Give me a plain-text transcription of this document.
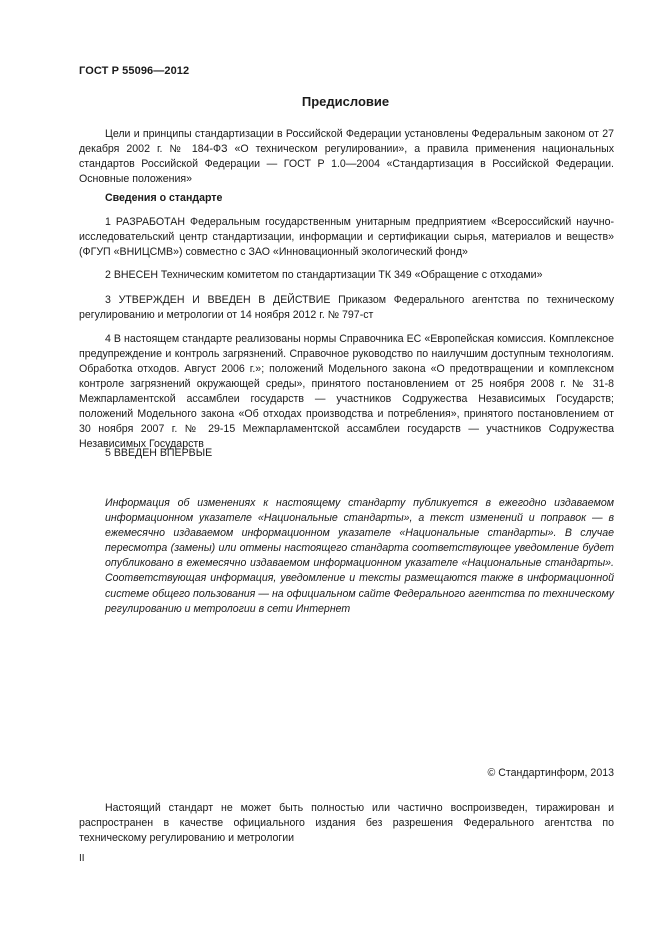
ГОСТ Р 55096—2012
Предисловие
Цели и принципы стандартизации в Российской Федерации установлены Федеральным законом от 27 декабря 2002 г. № 184-ФЗ «О техническом регулировании», а правила применения национальных стандартов Российской Федерации — ГОСТ Р 1.0—2004 «Стандартизация в Российской Федерации. Основные положения»
Сведения о стандарте
1 РАЗРАБОТАН Федеральным государственным унитарным предприятием «Всероссийский научно-исследовательский центр стандартизации, информации и сертификации сырья, материалов и веществ» (ФГУП «ВНИЦСМВ») совместно с ЗАО «Инновационный экологический фонд»
2 ВНЕСЕН Техническим комитетом по стандартизации ТК 349 «Обращение с отходами»
3 УТВЕРЖДЕН И ВВЕДЕН В ДЕЙСТВИЕ Приказом Федерального агентства по техническому регулированию и метрологии от 14 ноября 2012 г. № 797-ст
4 В настоящем стандарте реализованы нормы Справочника ЕС «Европейская комиссия. Комплексное предупреждение и контроль загрязнений. Справочное руководство по наилучшим доступным технологиям. Обработка отходов. Август 2006 г.»; положений Модельного закона «О предотвращении и комплексном контроле загрязнений окружающей среды», принятого постановлением от 25 ноября 2008 г. № 31-8 Межпарламентской ассамблеи государств — участников Содружества Независимых Государств; положений Модельного закона «Об отходах производства и потребления», принятого постановлением от 30 ноября 2007 г. № 29-15 Межпарламентской ассамблеи государств — участников Содружества Независимых Государств
5 ВВЕДЕН ВПЕРВЫЕ
Информация об изменениях к настоящему стандарту публикуется в ежегодно издаваемом информационном указателе «Национальные стандарты», а текст изменений и поправок — в ежемесячно издаваемом информационном указателе «Национальные стандарты». В случае пересмотра (замены) или отмены настоящего стандарта соответствующее уведомление будет опубликовано в ежемесячно издаваемом информационном указателе «Национальные стандарты». Соответствующая информация, уведомление и тексты размещаются также в информационной системе общего пользования — на официальном сайте Федерального агентства по техническому регулированию и метрологии в сети Интернет
© Стандартинформ, 2013
Настоящий стандарт не может быть полностью или частично воспроизведен, тиражирован и распространен в качестве официального издания без разрешения Федерального агентства по техническому регулированию и метрологии
II
